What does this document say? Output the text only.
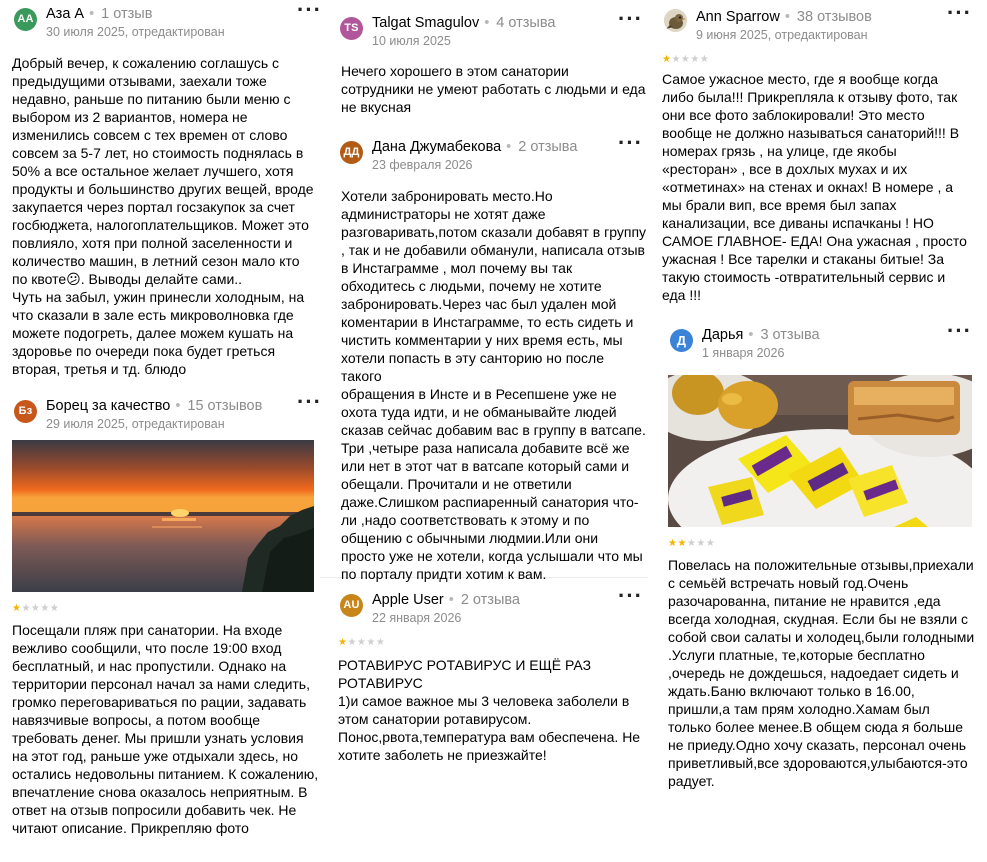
АА Аза А • 1 отзыв
30 июля 2025, отредактирован
···

Добрый вечер, к сожалению соглашусь с
предыдущими отзывами, заехали тоже
недавно, раньше по питанию были меню с
выбором из 2 вариантов, номера не
изменились совсем с тех времен от слово
совсем за 5-7 лет, но стоимость поднялась в
50% а все остальное желает лучшего, хотя
продукты и большинство других вещей, вроде
закупается через портал госзакупок за счет
госбюджета, налогоплательщиков. Может это
повлияло, хотя при полной заселенности и
количество машин, в летний сезон мало кто
по квоте😕. Выводы делайте сами..
Чуть на забыл, ужин принесли холодным, на
что сказали в зале есть микроволновка где
можете подогреть, далее можем кушать на
здоровье по очереди пока будет греться
вторая, третья и тд. блюдо

Бз Борец за качество • 15 отзывов
29 июля 2025, отредактирован
···
★★★★★

Посещали пляж при санатории. На входе
вежливо сообщили, что после 19:00 вход
бесплатный, и нас пропустили. Однако на
территории персонал начал за нами следить,
громко переговариваться по рации, задавать
навязчивые вопросы, а потом вообще
требовать денег. Мы пришли узнать условия
на этот год, раньше уже отдыхали здесь, но
остались недовольны питанием. К сожалению,
впечатление снова оказалось неприятным. В
ответ на отзыв попросили добавить чек. Не
читают описание. Прикрепляю фото

TS Talgat Smagulov • 4 отзыва
10 июля 2025
···

Нечего хорошего в этом санатории
сотрудники не умеют работать с людьми и еда
не вкусная

ДД Дана Джумабекова • 2 отзыва
23 февраля 2026
···

Хотели забронировать место.Но
администраторы не хотят даже
разговаривать,потом сказали добавят в группу
, так и не добавили обманули, написала отзыв
в Инстаграмме , мол почему вы так
обходитесь с людьми, почему не хотите
забронировать.Через час был удален мой
коментарии в Инстаграмме, то есть сидеть и
чистить комментарии у них время есть, мы
хотели попасть в эту санторию но после такого
обращения в Инсте и в Ресепшене уже не
охота туда идти, и не обманывайте людей
сказав сейчас добавим вас в группу в ватсапе.
Три ,четыре раза написала добавите всё же
или нет в этот чат в ватсапе который сами и
обещали. Прочитали и не ответили
даже.Слишком распиаренный санатория что-
ли ,надо соответствовать к этому и по
общению с обычными людмии.Или они
просто уже не хотели, когда услышали что мы
по порталу придти хотим к вам.

AU Apple User • 2 отзыва
22 января 2026
···
★★★★★

РОТАВИРУС РОТАВИРУС И ЕЩЁ РАЗ
РОТАВИРУС
1)и самое важное мы 3 человека заболели в
этом санатории ротавирусом.
Понос,рвота,температура вам обеспечена. Не
хотите заболеть не приезжайте!

Ann Sparrow • 38 отзывов
9 июня 2025, отредактирован
···
★★★★★

Самое ужасное место, где я вообще когда
либо была!!! Прикрепляла к отзыву фото, так
они все фото заблокировали! Это место
вообще не должно называться санаторий!!! В
номерах грязь , на улице, где якобы
«ресторан» , все в дохлых мухах и их
«отметинах» на стенах и окнах! В номере , а
мы брали вип, все время был запах
канализации, все диваны испачканы ! НО
САМОЕ ГЛАВНОЕ- ЕДА! Она ужасная , просто
ужасная ! Все тарелки и стаканы битые! За
такую стоимость -отвратительный сервис и
еда !!!

Д	Дарья • 3 отзыва
1 января 2026
···
★★★★★

Повелась на положительные отзывы,приехали
с семьёй встречать новый год.Очень
разочарованна, питание не нравится ,еда
всегда холодная, скудная. Если бы не взяли с
собой свои салаты и холодец,были голодными
.Услуги платные, те,которые бесплатно
,очередь не дождешься, надоедает сидеть и
ждать.Баню включают только в 16.00,
пришли,а там прям холодно.Хамам был
только более менее.В общем сюда я больше
не приеду.Одно хочу сказать, персонал очень
приветливый,все здороваются,улыбаются-это
радует.
